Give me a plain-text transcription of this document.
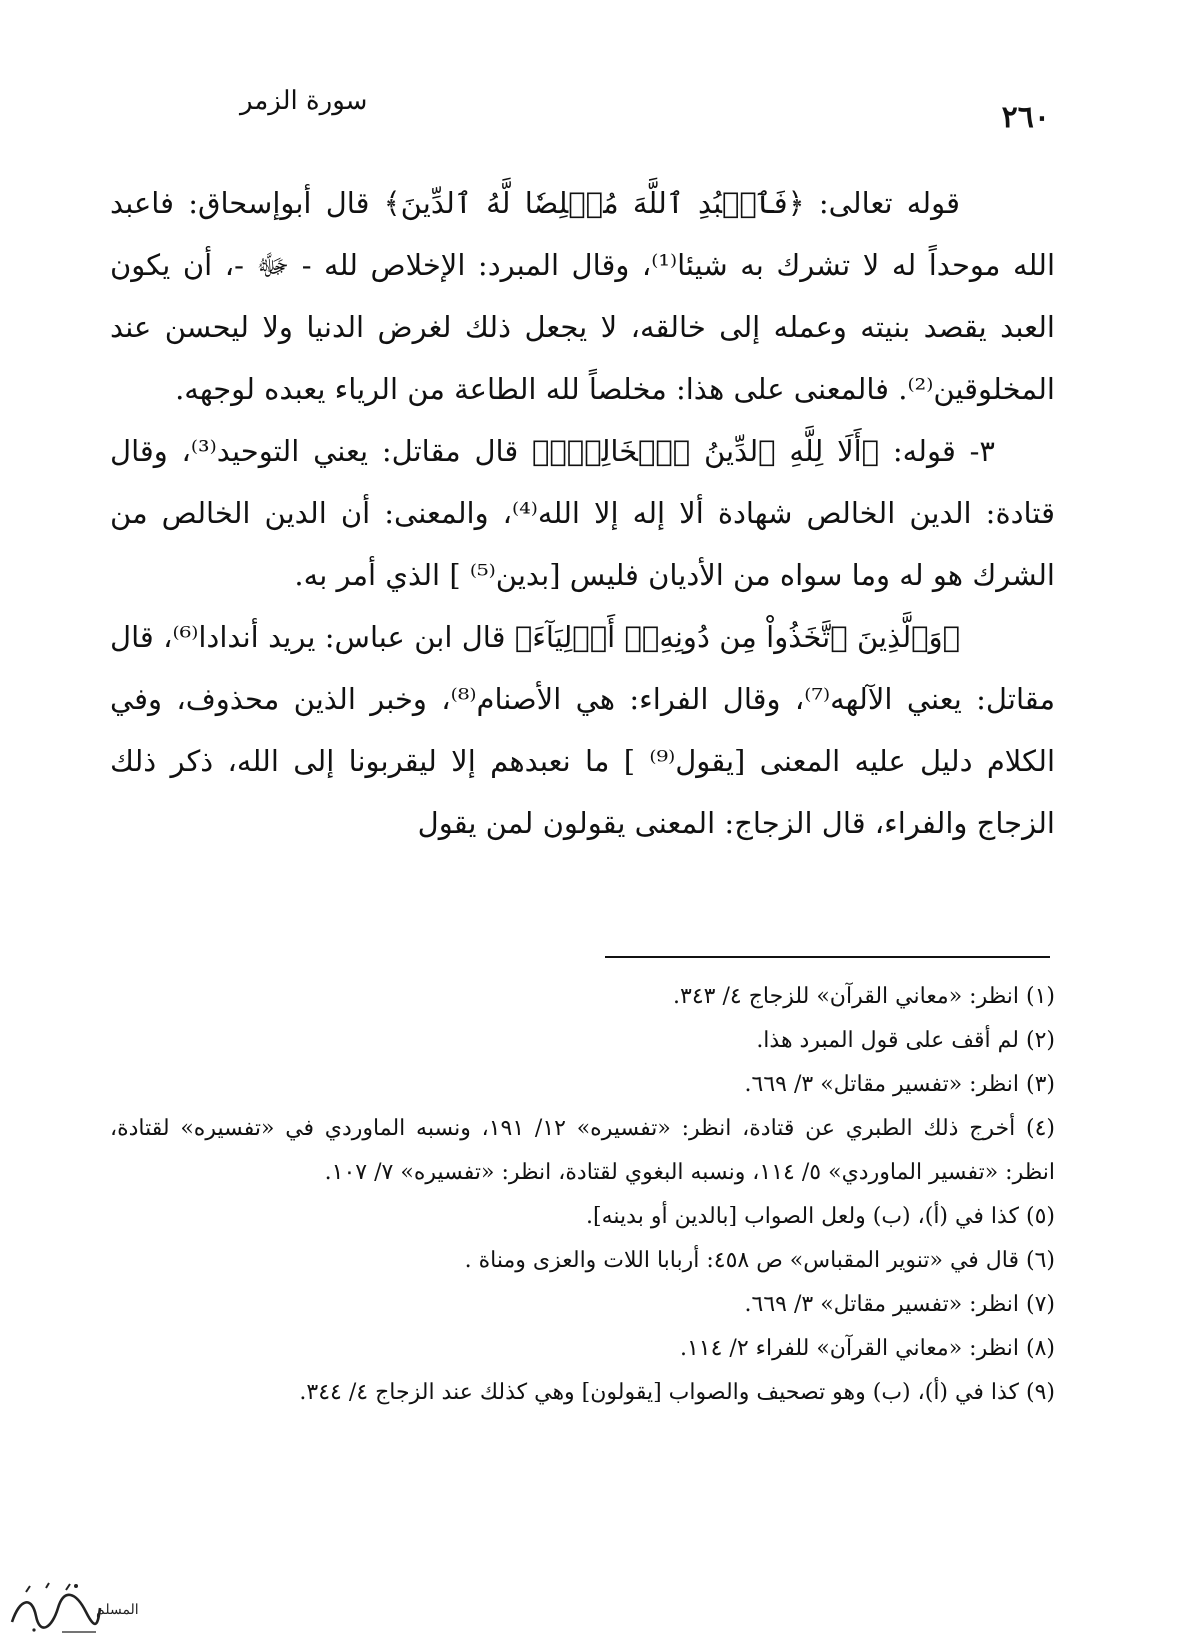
سورة الزمر	٢٦٠

قوله تعالى: ﴿فَٱعۡبُدِ ٱللَّهَ مُخۡلِصٗا لَّهُ ٱلدِّينَ﴾ قال أبوإسحاق: فاعبد الله موحداً له لا تشرك به شيئا⁽¹⁾، وقال المبرد: الإخلاص لله - ﷻ -، أن يكون العبد يقصد بنيته وعمله إلى خالقه، لا يجعل ذلك لغرض الدنيا ولا ليحسن عند المخلوقين⁽²⁾. فالمعنى على هذا: مخلصاً لله الطاعة من الرياء يعبده لوجهه.

٣- قوله: ﴿أَلَا لِلَّهِ ٱلدِّينُ ٱلۡخَالِصُۚ﴾ قال مقاتل: يعني التوحيد⁽³⁾، وقال قتادة: الدين الخالص شهادة ألا إله إلا الله⁽⁴⁾، والمعنى: أن الدين الخالص من الشرك هو له وما سواه من الأديان فليس [بدين⁽⁵⁾ ] الذي أمر به.

﴿وَٱلَّذِينَ ٱتَّخَذُواْ مِن دُونِهِۦٓ أَوۡلِيَآءَ﴾ قال ابن عباس: يريد أندادا⁽⁶⁾، قال مقاتل: يعني الآلهه⁽⁷⁾، وقال الفراء: هي الأصنام⁽⁸⁾، وخبر الذين محذوف، وفي الكلام دليل عليه المعنى [يقول⁽⁹⁾ ] ما نعبدهم إلا ليقربونا إلى الله، ذكر ذلك الزجاج والفراء، قال الزجاج: المعنى يقولون لمن يقول

(١) انظر: «معاني القرآن» للزجاج ٤/ ٣٤٣.

(٢) لم أقف على قول المبرد هذا.

(٣) انظر: «تفسير مقاتل» ٣/ ٦٦٩.

(٤) أخرج ذلك الطبري عن قتادة، انظر: «تفسيره» ١٢/ ١٩١، ونسبه الماوردي في «تفسيره» لقتادة، انظر: «تفسير الماوردي» ٥/ ١١٤، ونسبه البغوي لقتادة، انظر: «تفسيره» ٧/ ١٠٧.

(٥) كذا في (أ)، (ب) ولعل الصواب [بالدين أو بدينه].

(٦) قال في «تنوير المقباس» ص ٤٥٨: أربابا اللات والعزى ومناة .

(٧) انظر: «تفسير مقاتل» ٣/ ٦٦٩.

(٨) انظر: «معاني القرآن» للفراء ٢/ ١١٤.

(٩) كذا في (أ)، (ب) وهو تصحيف والصواب [يقولون] وهي كذلك عند الزجاج ٤/ ٣٤٤.

المسلم
